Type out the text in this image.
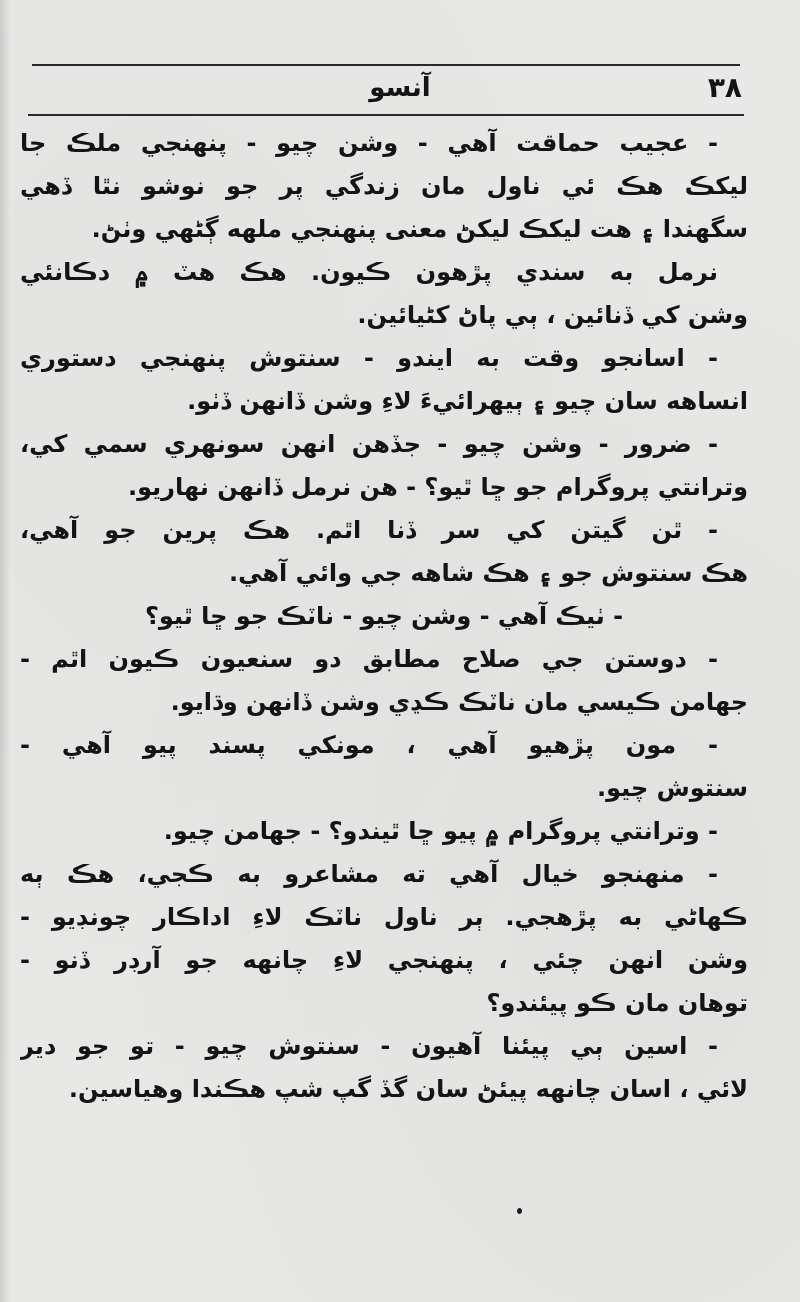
آنسو	٣٨
- عجيب حماقت آهي - وشن چيو - پنهنجي ملڪ جا
ليکڪ هڪ ئي ناول مان زندگي پر جو نوشو نٿا ڏهي
سگهندا ۽ هت ليکڪ ليکڻ معنى پنهنجي ملهه ڳڻهي وٺڻ.
نرمل به سندي پڙهون ڪيون. هڪ هٽ ۾ دڪانئي
وشن کي ڏنائين ، ٻي پاڻ کڻيائين.
- اسانجو وقت به ايندو - سنتوش پنهنجي دستوري
انساهه سان چيو ۽ ٻيهرائيءَ لاءِ وشن ڏانهن ڏٺو.
- ضرور - وشن چيو - جڏهن انهن سونهري سمي کي،
وترانتي پروگرام جو ڇا ٿيو؟ - هن نرمل ڏانهن نهاريو.
- ٿن گيتن کي سر ڏنا اٿم. هڪ پرين جو آهي،
هڪ سنتوش جو ۽ هڪ شاهه جي وائي آهي.
- ٺيڪ آهي - وشن چيو - ناٽڪ جو ڇا ٿيو؟
- دوستن جي صلاح مطابق دو سنعيون ڪيون اٿم -
جهامن ڪيسي مان ناٽڪ ڪڍي وشن ڏانهن وڌايو.
- مون پڙهيو آهي ، مونکي پسند پيو آهي -
سنتوش چيو.
- وترانتي پروگرام ۾ پيو ڇا ٿيندو؟ - جهامن چيو.
- منهنجو خيال آهي ته مشاعرو به ڪجي، هڪ ٻه
ڪهاڻي به پڙهجي. ٻر ناول ناٽڪ لاءِ اداڪار چونڊيو -
وشن انهن چئي ، پنهنجي لاءِ چانهه جو آرڊر ڏنو -
توهان مان ڪو پيئندو؟
- اسين ٻي پيئنا آهيون - سنتوش چيو - تو جو دير
لائي ، اسان چانهه پيئڻ سان گڏ گپ شپ هڪندا وهياسين.
